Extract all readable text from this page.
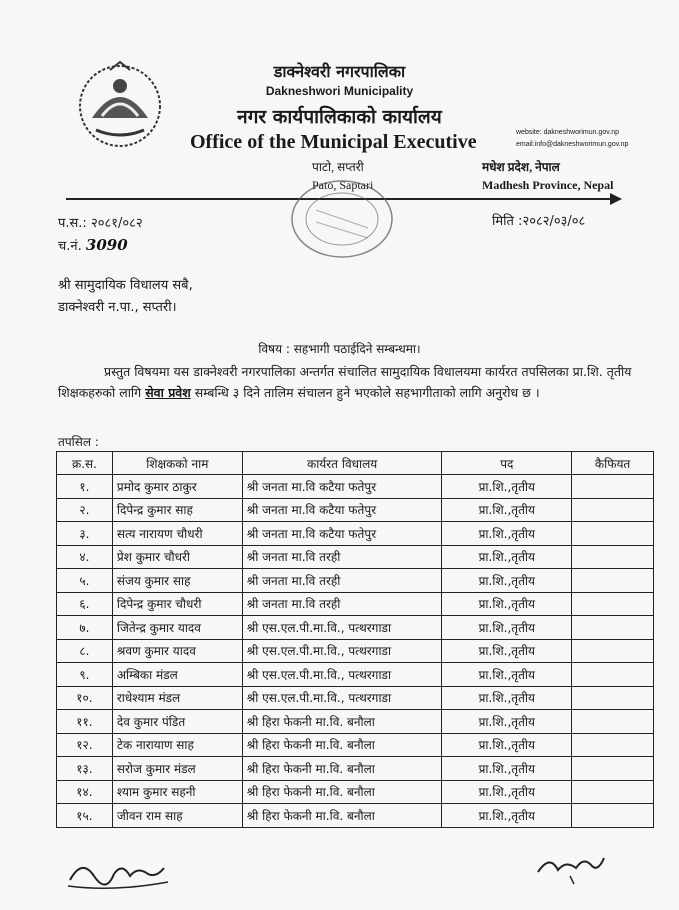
डाक्नेश्वरी नगरपालिका
Dakneshwori Municipality
नगर कार्यपालिकाको कार्यालय
Office of the Municipal Executive	website: dakneshworimun.gov.np
email:info@dakneshworimun.gov.np
पाटो, सप्तरी
Pato, Saptari
मधेश प्रदेश, नेपाल
Madhesh Province, Nepal
प.स.: २०८१/०८२	मिति :२०८२/०३/०८
च.नं. 3090
श्री सामुदायिक विधालय सबै,
डाक्नेश्वरी न.पा., सप्तरी।
विषय : सहभागी पठाईदिने सम्बन्धमा।
प्रस्तुत विषयमा यस डाक्नेश्वरी नगरपालिका अन्तर्गत संचालित सामुदायिक विधालयमा कार्यरत तपसिलका प्रा.शि. तृतीय शिक्षकहरुको लागि सेवा प्रवेश सम्बन्धि ३ दिने तालिम संचालन हुने भएकोले सहभागीताको लागि अनुरोध छ ।
तपसिल :
क्र.स.	शिक्षकको नाम	कार्यरत विधालय	पद	कैफियत
१.	प्रमोद कुमार ठाकुर	श्री जनता मा.वि कटैया फतेपुर	प्रा.शि.,तृतीय	
२.	दिपेन्द्र कुमार साह	श्री जनता मा.वि कटैया फतेपुर	प्रा.शि.,तृतीय	
३.	सत्य नारायण चौधरी	श्री जनता मा.वि कटैया फतेपुर	प्रा.शि.,तृतीय	
४.	प्रेश कुमार चौधरी	श्री जनता मा.वि तरही	प्रा.शि.,तृतीय	
५.	संजय कुमार साह	श्री जनता मा.वि तरही	प्रा.शि.,तृतीय	
६.	दिपेन्द्र कुमार चौधरी	श्री जनता मा.वि तरही	प्रा.शि.,तृतीय	
७.	जितेन्द्र कुमार यादव	श्री एस.एल.पी.मा.वि., पत्थरगाडा	प्रा.शि.,तृतीय	
८.	श्रवण कुमार यादव	श्री एस.एल.पी.मा.वि., पत्थरगाडा	प्रा.शि.,तृतीय	
९.	अम्बिका मंडल	श्री एस.एल.पी.मा.वि., पत्थरगाडा	प्रा.शि.,तृतीय	
१०.	राधेश्याम मंडल	श्री एस.एल.पी.मा.वि., पत्थरगाडा	प्रा.शि.,तृतीय	
११.	देव कुमार पंडित	श्री हिरा फेकनी मा.वि. बनौला	प्रा.शि.,तृतीय	
१२.	टेक नारायाण साह	श्री हिरा फेकनी मा.वि. बनौला	प्रा.शि.,तृतीय	
१३.	सरोज कुमार मंडल	श्री हिरा फेकनी मा.वि. बनौला	प्रा.शि.,तृतीय	
१४.	श्याम कुमार सहनी	श्री हिरा फेकनी मा.वि. बनौला	प्रा.शि.,तृतीय	
१५.	जीवन राम साह	श्री हिरा फेकनी मा.वि. बनौला	प्रा.शि.,तृतीय	
